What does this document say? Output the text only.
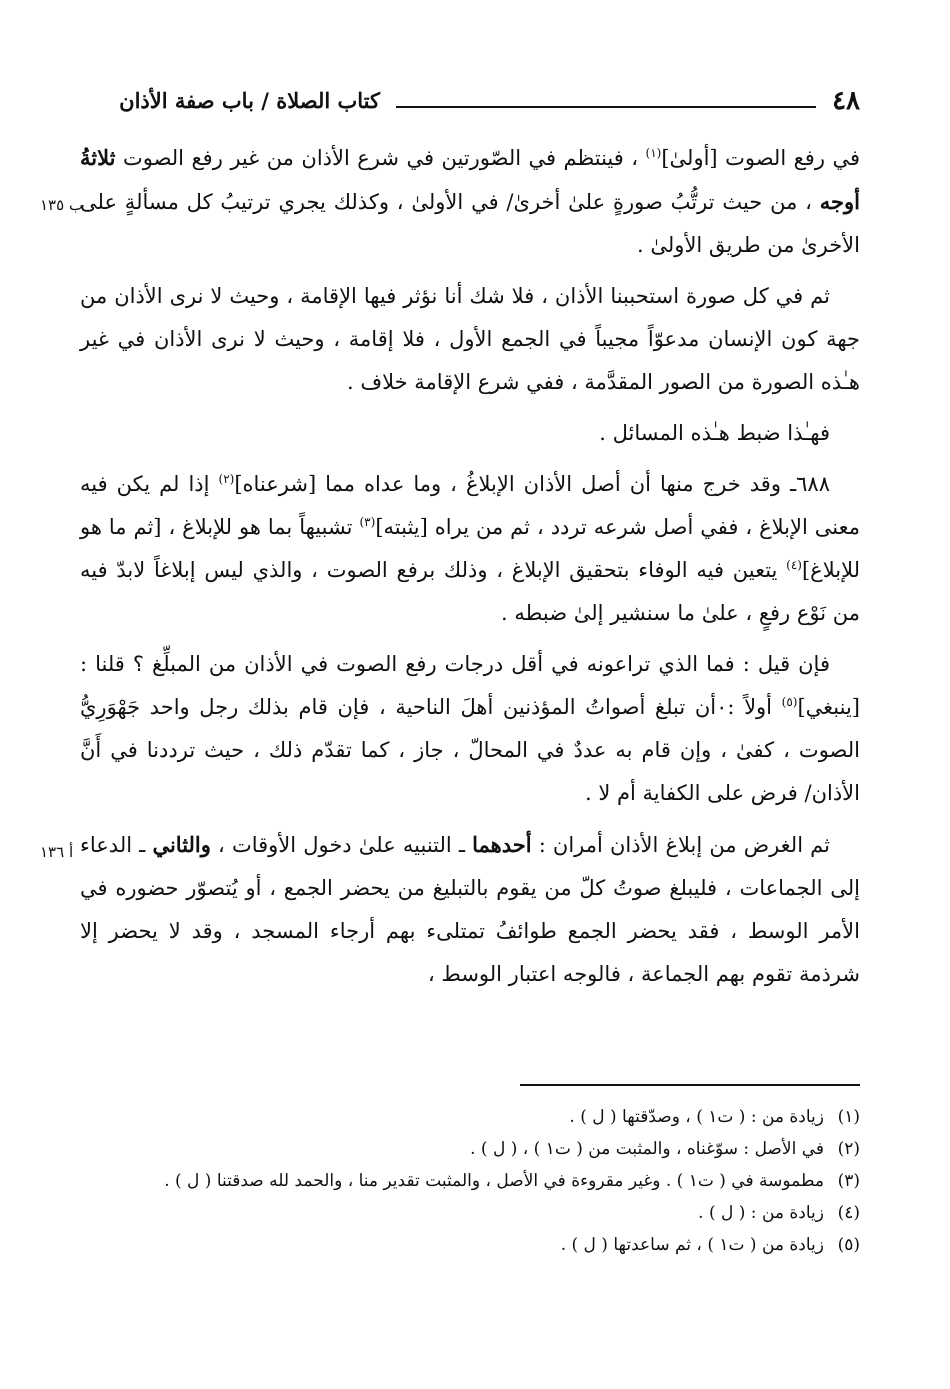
٤٨
كتاب الصلاة / باب صفة الأذان
ب ١٣٥
أ ١٣٦

في رفع الصوت [أولىٰ]$^{(١)}$ ، فينتظم في الصّورتين في شرع الأذان من غير رفع الصوت ثلاثةُ أوجه ، من حيث ترتُّبُ صورةٍ علىٰ أخرىٰ/ في الأولىٰ ، وكذلك يجري ترتيبُ كل مسألةٍ على الأخرىٰ من طريق الأولىٰ .

ثم في كل صورة استحببنا الأذان ، فلا شك أنا نؤثر فيها الإقامة ، وحيث لا نرى الأذان من جهة كون الإنسان مدعوّاً مجيباً في الجمع الأول ، فلا إقامة ، وحيث لا نرى الأذان في غير هـٰذه الصورة من الصور المقدَّمة ، ففي شرع الإقامة خلاف .

فهـٰذا ضبط هـٰذه المسائل .

٦٨٨ـ وقد خرج منها أن أصل الأذان الإبلاغُ ، وما عداه مما [شرعناه]$^{(٢)}$ إذا لم يكن فيه معنى الإبلاغ ، ففي أصل شرعه تردد ، ثم من يراه [يثبته]$^{(٣)}$ تشبيهاً بما هو للإبلاغ ، [ثم ما هو للإبلاغ]$^{(٤)}$ يتعين فيه الوفاء بتحقيق الإبلاغ ، وذلك برفع الصوت ، والذي ليس إبلاغاً لابدّ فيه من نَوْع رفعٍ ، علىٰ ما سنشير إلىٰ ضبطه .

فإن قيل : فما الذي تراعونه في أقل درجات رفع الصوت في الأذان من المبلِّغ ؟ قلنا : [ينبغي]$^{(٥)}$ أولاً :٠أن تبلغ أصواتُ المؤذنين أهلَ الناحية ، فإن قام بذلك رجل واحد جَهْوَرِيُّ الصوت ، كفىٰ ، وإن قام به عددٌ في المحالّ ، جاز ، كما تقدّم ذلك ، حيث ترددنا في أَنَّ الأذان/ فرض على الكفاية أم لا .

ثم الغرض من إبلاغ الأذان أمران : أحدهما ـ التنبيه علىٰ دخول الأوقات ، والثاني ـ الدعاء إلى الجماعات ، فليبلغ صوتُ كلّ من يقوم بالتبليغ من يحضر الجمع ، أو يُتصوّر حضوره في الأمر الوسط ، فقد يحضر الجمع طوائفُ تمتلىء بهم أرجاء المسجد ، وقد لا يحضر إلا شرذمة تقوم بهم الجماعة ، فالوجه اعتبار الوسط ،

(١)
زيادة من : ( ت١ ) ، وصدّقتها ( ل ) .
(٢)
في الأصل : سوّغناه ، والمثبت من ( ت١ ) ، ( ل ) .
(٣)
مطموسة في ( ت١ ) . وغير مقروءة في الأصل ، والمثبت تقدير منا ، والحمد لله صدقتنا ( ل ) .
(٤)
زيادة من : ( ل ) .
(٥)
زيادة من ( ت١ ) ، ثم ساعدتها ( ل ) .
